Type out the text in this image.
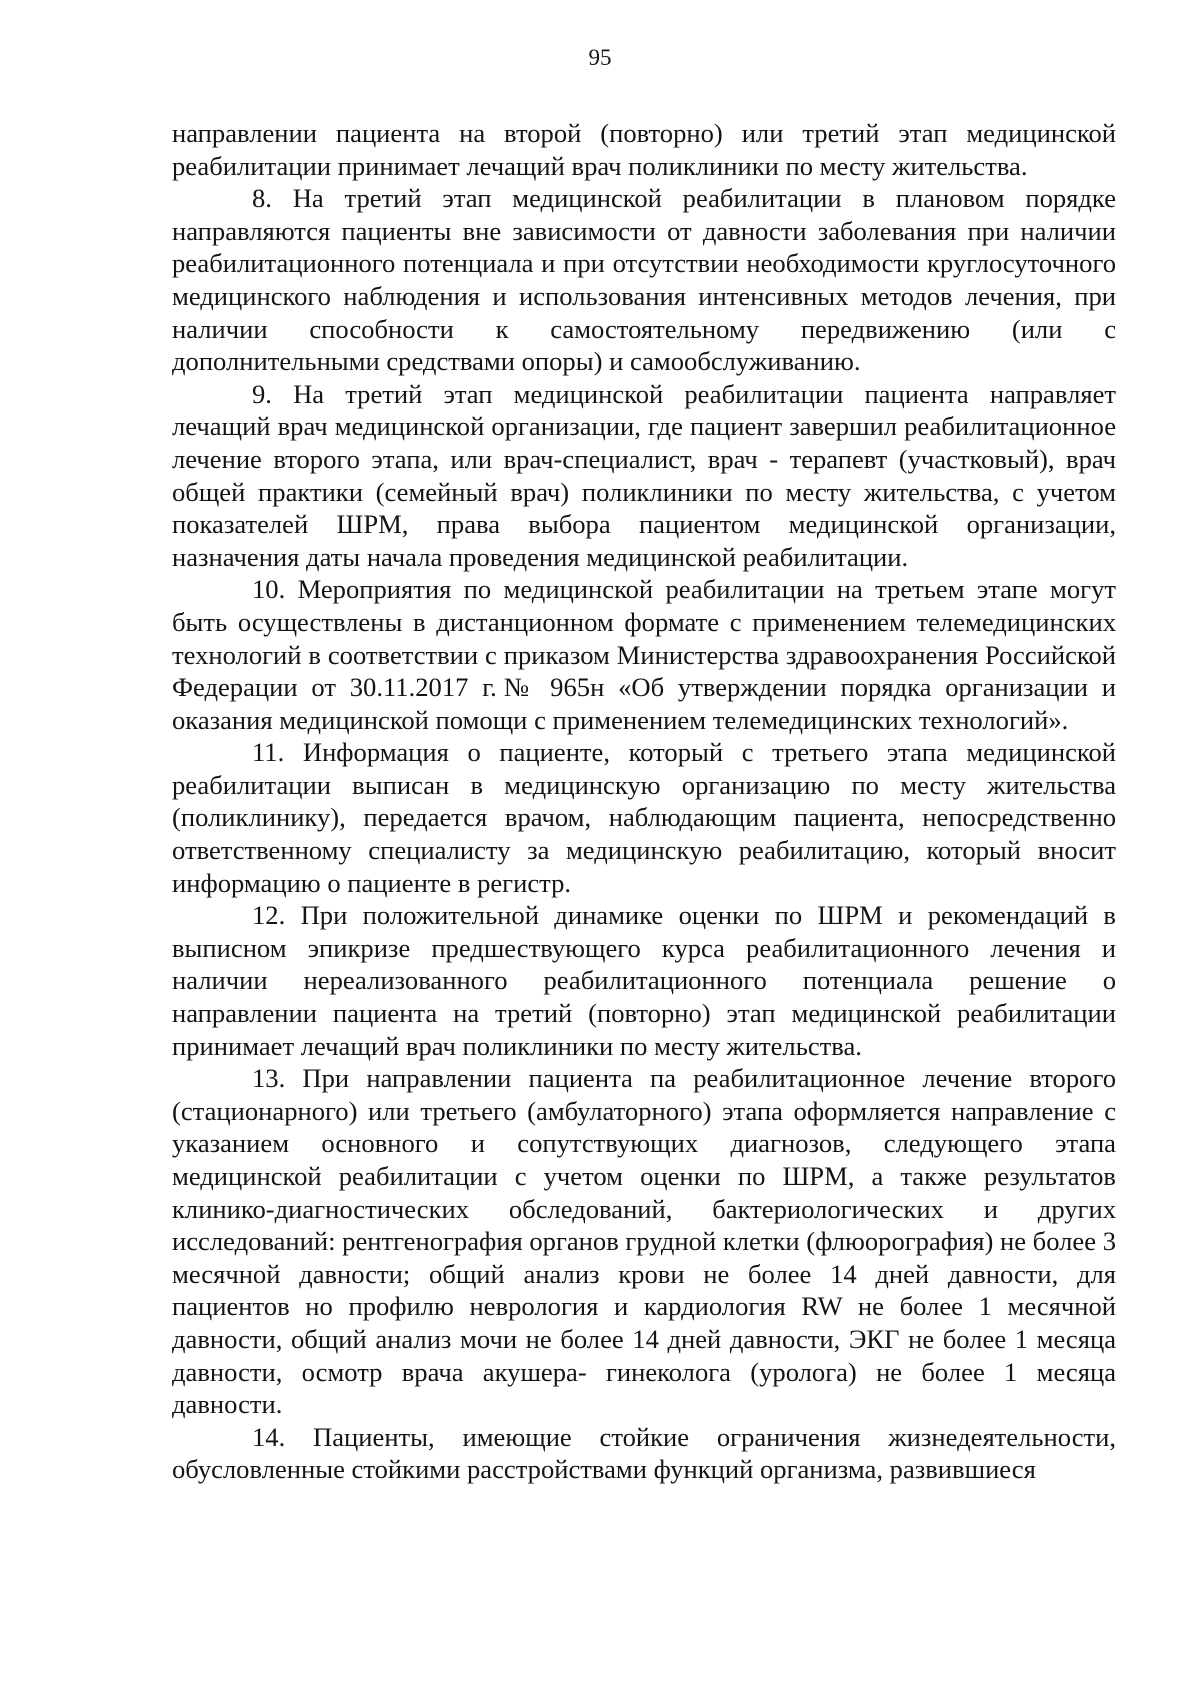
95

направлении пациента на второй (повторно) или третий этап медицинской реабилитации принимает лечащий врач поликлиники по месту жительства.

8. На третий этап медицинской реабилитации в плановом порядке направляются пациенты вне зависимости от давности заболевания при наличии реабилитационного потенциала и при отсутствии необходимости круглосуточного медицинского наблюдения и использования интенсивных методов лечения, при наличии способности к самостоятельному передвижению (или с дополнительными средствами опоры) и самообслуживанию.

9. На третий этап медицинской реабилитации пациента направляет лечащий врач медицинской организации, где пациент завершил реабилитационное лечение второго этапа, или врач-специалист, врач - терапевт (участковый), врач общей практики (семейный врач) поликлиники по месту жительства, с учетом показателей ШРМ, права выбора пациентом медицинской организации, назначения даты начала проведения медицинской реабилитации.

10. Мероприятия по медицинской реабилитации на третьем этапе могут быть осуществлены в дистанционном формате с применением телемедицинских технологий в соответствии с приказом Министерства здравоохранения Российской Федерации от 30.11.2017 г.№ 965н «Об утверждении порядка организации и оказания медицинской помощи с применением телемедицинских технологий».

11. Информация о пациенте, который с третьего этапа медицинской реабилитации выписан в медицинскую организацию по месту жительства (поликлинику), передается врачом, наблюдающим пациента, непосредственно ответственному специалисту за медицинскую реабилитацию, который вносит информацию о пациенте в регистр.

12. При положительной динамике оценки по ШРМ и рекомендаций в выписном эпикризе предшествующего курса реабилитационного лечения и наличии нереализованного реабилитационного потенциала решение о направлении пациента на третий (повторно) этап медицинской реабилитации принимает лечащий врач поликлиники по месту жительства.

13. При направлении пациента па реабилитационное лечение второго (стационарного) или третьего (амбулаторного) этапа оформляется направление с указанием основного и сопутствующих диагнозов, следующего этапа медицинской реабилитации с учетом оценки по ШРМ, а также результатов клинико-диагностических обследований, бактериологических и других исследований: рентгенография органов грудной клетки (флюорография) не более 3 месячной давности; общий анализ крови не более 14 дней давности, для пациентов но профилю неврология и кардиология RW не более 1 месячной давности, общий анализ мочи не более 14 дней давности, ЭКГ не более 1 месяца давности, осмотр врача акушера- гинеколога (уролога) не более 1 месяца давности.

14. Пациенты, имеющие стойкие ограничения жизнедеятельности, обусловленные стойкими расстройствами функций организма, развившиеся
